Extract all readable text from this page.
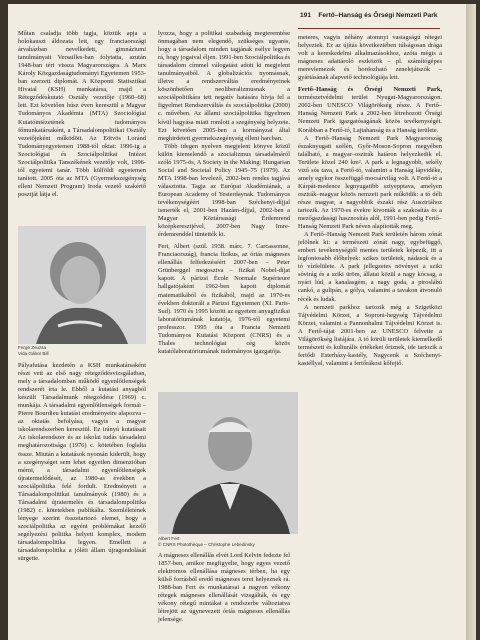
191 Fertő–Hanság és Őrségi Nemzeti Park

Műtan csaladja több tagja, köztük apja a holokauszt áldozata lett, egy franciaországi árvaházban nevelkedett, gimnáziumi tanulmányait Versailles-ban folytatta, azután 1948-ban tért vissza Magyarországra. A Marx Károly Közgazdaságtudományi Egyetemen 1953-ban szerzett diplomát. A Központi Statisztikai Hivatal (KSH) munkatársa, majd a Rétegződéskutató Osztály vezetője (1960–68) lett. Ezt követően húsz éven keresztül a Magyar Tudományos Akadémia (MTA) Szociológiai Kutatóintézetének tudományos főmunkatársaként, a Társadalompolitikai Osztály vezetőjeként működött. Az Eötvös Loránd Tudományegyetemen 1988-tól oktat: 1996-ig a Szociológiai és Szociálpolitikai Intézet Szociálpolitika Tanszékének vezetője volt, 1996-tól egyetemi tanár. Több külföldi egyetemen tanított. 2005 óta az MTA (Gyermekszegénység elleni Nemzeti Program) Iroda vezető szakértő posztját látja el.

Ferge Zsuzsa
Vida Gábor Bill

Pályafutása kezdetén a KSH munkatársaként részt vett az első nagy rétegződésvizsgálatban, mely a társadalomban működő egyenlőtlenségek rendszerét írta le. Ebből a kutatási anyagból készült Társadalmunk rétegződése (1969) c. munkája. A társadalmi egyenlőtlenségek formái – Pierre Bourdieu kutatási eredményeire alapozva – az oktatás befolyása, vagyis a magyar iskolarendszerben keresztül. Ez irányú kutatásait Az iskolarendszer és az iskolai tudás társadalmi meghatározottsága (1976) c. kötetében foglalta össze. Miután a kutatások nyomán kiderült, hogy a szegénységet sem lehet egyetlen dimenzióban mérni, a társadalmi egyenlőtlenségek újratermelődését, az 1980-as években a szociálpolitika felé fordult. Eredményeit a Társadalompolitikai tanulmányok (1980) és a Társadalmi újratermelés és társadalompolitika (1982) c. kötetekben publikálta. Szemléletének lényege szerint összetartozó elemei, hogy a szociálpolitika az egyéni problémákat kezelő segélyezési politika helyett komplex, modern társadalompolitika legyen. Emellett a társadalompolitika a jóléti állam újragondolását sürgette.

lyozza, hogy a politikai szabadság megteremtése önmagában nem elegendő, szükséges ugyanis, hogy a társadalom minden tagjának esélye legyen rá, hogy jogaival éljen. 1991-ben Szociálpolitika és társadalom címmel válogatást adott ki megjelent tanulmányaiból. A globalizációs nyomásnak, illetve a rendszerváltás eredményeinek köszönhetően neoliberalizmusnak a szociálpolitikára tett negatív hatására hívja fel a figyelmet Rendszerváltás és szociálpolitika (2000) c. művében. Az állami szociálpolitika figyelmen kívül hagyása miatt romlott a szegénység helyzete. Ezt követően 2005-ben a kormányzat által meghirdetett gyermekszegénység elleni harcban.

Több idegen nyelven megjelent könyve közül külön kiemelendő a szocializmus társadalmáról szóló 1975-ös, A Society in the Making: Hungarian Social and Societal Policy 1945–75 (1979). Az MTA 1998-ban levelező, 2002-ben rendes tagjává választotta. Tagja az Európai Akadémiának, a European Academy of Yesterdaynak. Tudományos tevékenységéért 1998-ban Széchenyi-díjjal ismerték el, 2001-ben Hazám-díjjal, 2002-ben a Magyar Köztársasági Érdemrend középkeresztjével, 2007-ben Nagy Imre-érdemrenddel tüntették ki.

Fert, Albert (szül. 1938. márc. 7. Carcassonne, Franciaország), francia fizikus, az óriás mágneses ellenállás felfedezéséért 2007-ben – Peter Grünberggel megosztva – fizikai Nobel-díjat kapott. A párizsi École Normale Supérieure hallgatójaként 1962-ben kapott diplomát matematikából és fizikából, majd az 1970-es években doktorált a Párizsi Egyetemen (XI. Paris-Sud). 1970 és 1995 között az egyetem anyagfizikai laboratóriumának kutatója, 1976-tól egyetemi professzor. 1995 óta a Francia Nemzeti Tudományos Kutatási Központ (CNRS) és a Thales technológiai cég közös kutatólaboratóriumának tudományos igazgatója.

Albert Fert
© CNRS Photothèque – Christophe Lebedinsky

A mágneses ellenállás elvét Lord Kelvin fedezte fel 1857-ben, amikor megfigyelte, hogy egyes vezető elektromos ellenállása mágneses térben, ha egy külső forrásból eredő mágneses teret helyeznek rá. 1988-ban Fert és munkatársai a nagyon vékony rétegek mágneses ellenállását vizsgálták, és egy vékony rétegű mintákat a rendszerbe változtatva létrejött az úgynevezett óriás mágneses ellenállás jelensége.

meteres, vagyis néhány atomnyi vastagságú rétegei helyeztek. Ez az újítás következtében túlságosan drága volt a kereskedelmi alkalmazásokhoz, azóta mégis a mágneses adattároló eszközök – pl. számítógépes merevlemezek és hordozható zenelejátszók – gyártásának alapvető technológiája lett.

Fertő–Hanság és Őrségi Nemzeti Park, természetvédelmi terület Nyugat-Magyarországon. 2002-ben UNESCO Világörökség része. A Fertő–Hanság Nemzeti Park a 2002-ben létrehozott Őrségi Nemzeti Park igazgatóságának közös tevékenységét. Korábban a Fertő-tó, Lajtahanság és a Hanság területe.

A Fertő–Hanság Nemzeti Park Magyarország északnyugati szélén, Győr-Moson-Sopron megyében található, a magyar–osztrák határon helyezkedik el. Területe közel 240 km². A park a legnagyobb, sekély vizű sós tava, a Fertő-tó, valamint a Hanság lápvidéke, amely egykor összefüggő mocsárvilág volt. A Fertő-tó a Kárpát-medence legnyugatibb sztyepptava, amelyen osztrák–magyar közös nemzeti park működik: a tó déli része magyar, a nagyobbik északi rész Ausztriához tartozik. Az 1970-es évekre kivonták a szakosítás és a mezőgazdasági hasznosítás alól, 1991-ben pedig Fertő–Hanság Nemzeti Park néven alapították meg.

A Fertő–Hanság Nemzeti Park területén három zónát jelölnek ki: a természeti zónát nagy, egybefüggő, emberi tevékenységtől mentes területek képezik, itt a legfontosabb élőhelyek: szikes területek, nádasok és a tó vízfelülete. A park jellegzetes növényei a sziki sóvirág és a sziki üröm, állatai közül a nagy kócsag, a nyári lúd, a kanalasgém, a nagy goda, a piroslábú cankó, a gulipán, a gólya, valamint a tavakon átvonuló récék és ludak.

A nemzeti parkhoz tartozik még a Szigetközi Tájvédelmi Körzet, a Soproni-hegység Tájvédelmi Körzet, valamint a Pannonhalmi Tájvédelmi Körzet is. A Fertő-tájat 2001-ben az UNESCO felvette a Világörökség listájára. A tó körüli területek kiemelkedő természeti és kulturális értékeket őriznek, ide tartozik a fertődi Esterházy-kastély, Nagycenk a Széchenyi-kastéllyal, valamint a fertőrákosi kőfejtő.
